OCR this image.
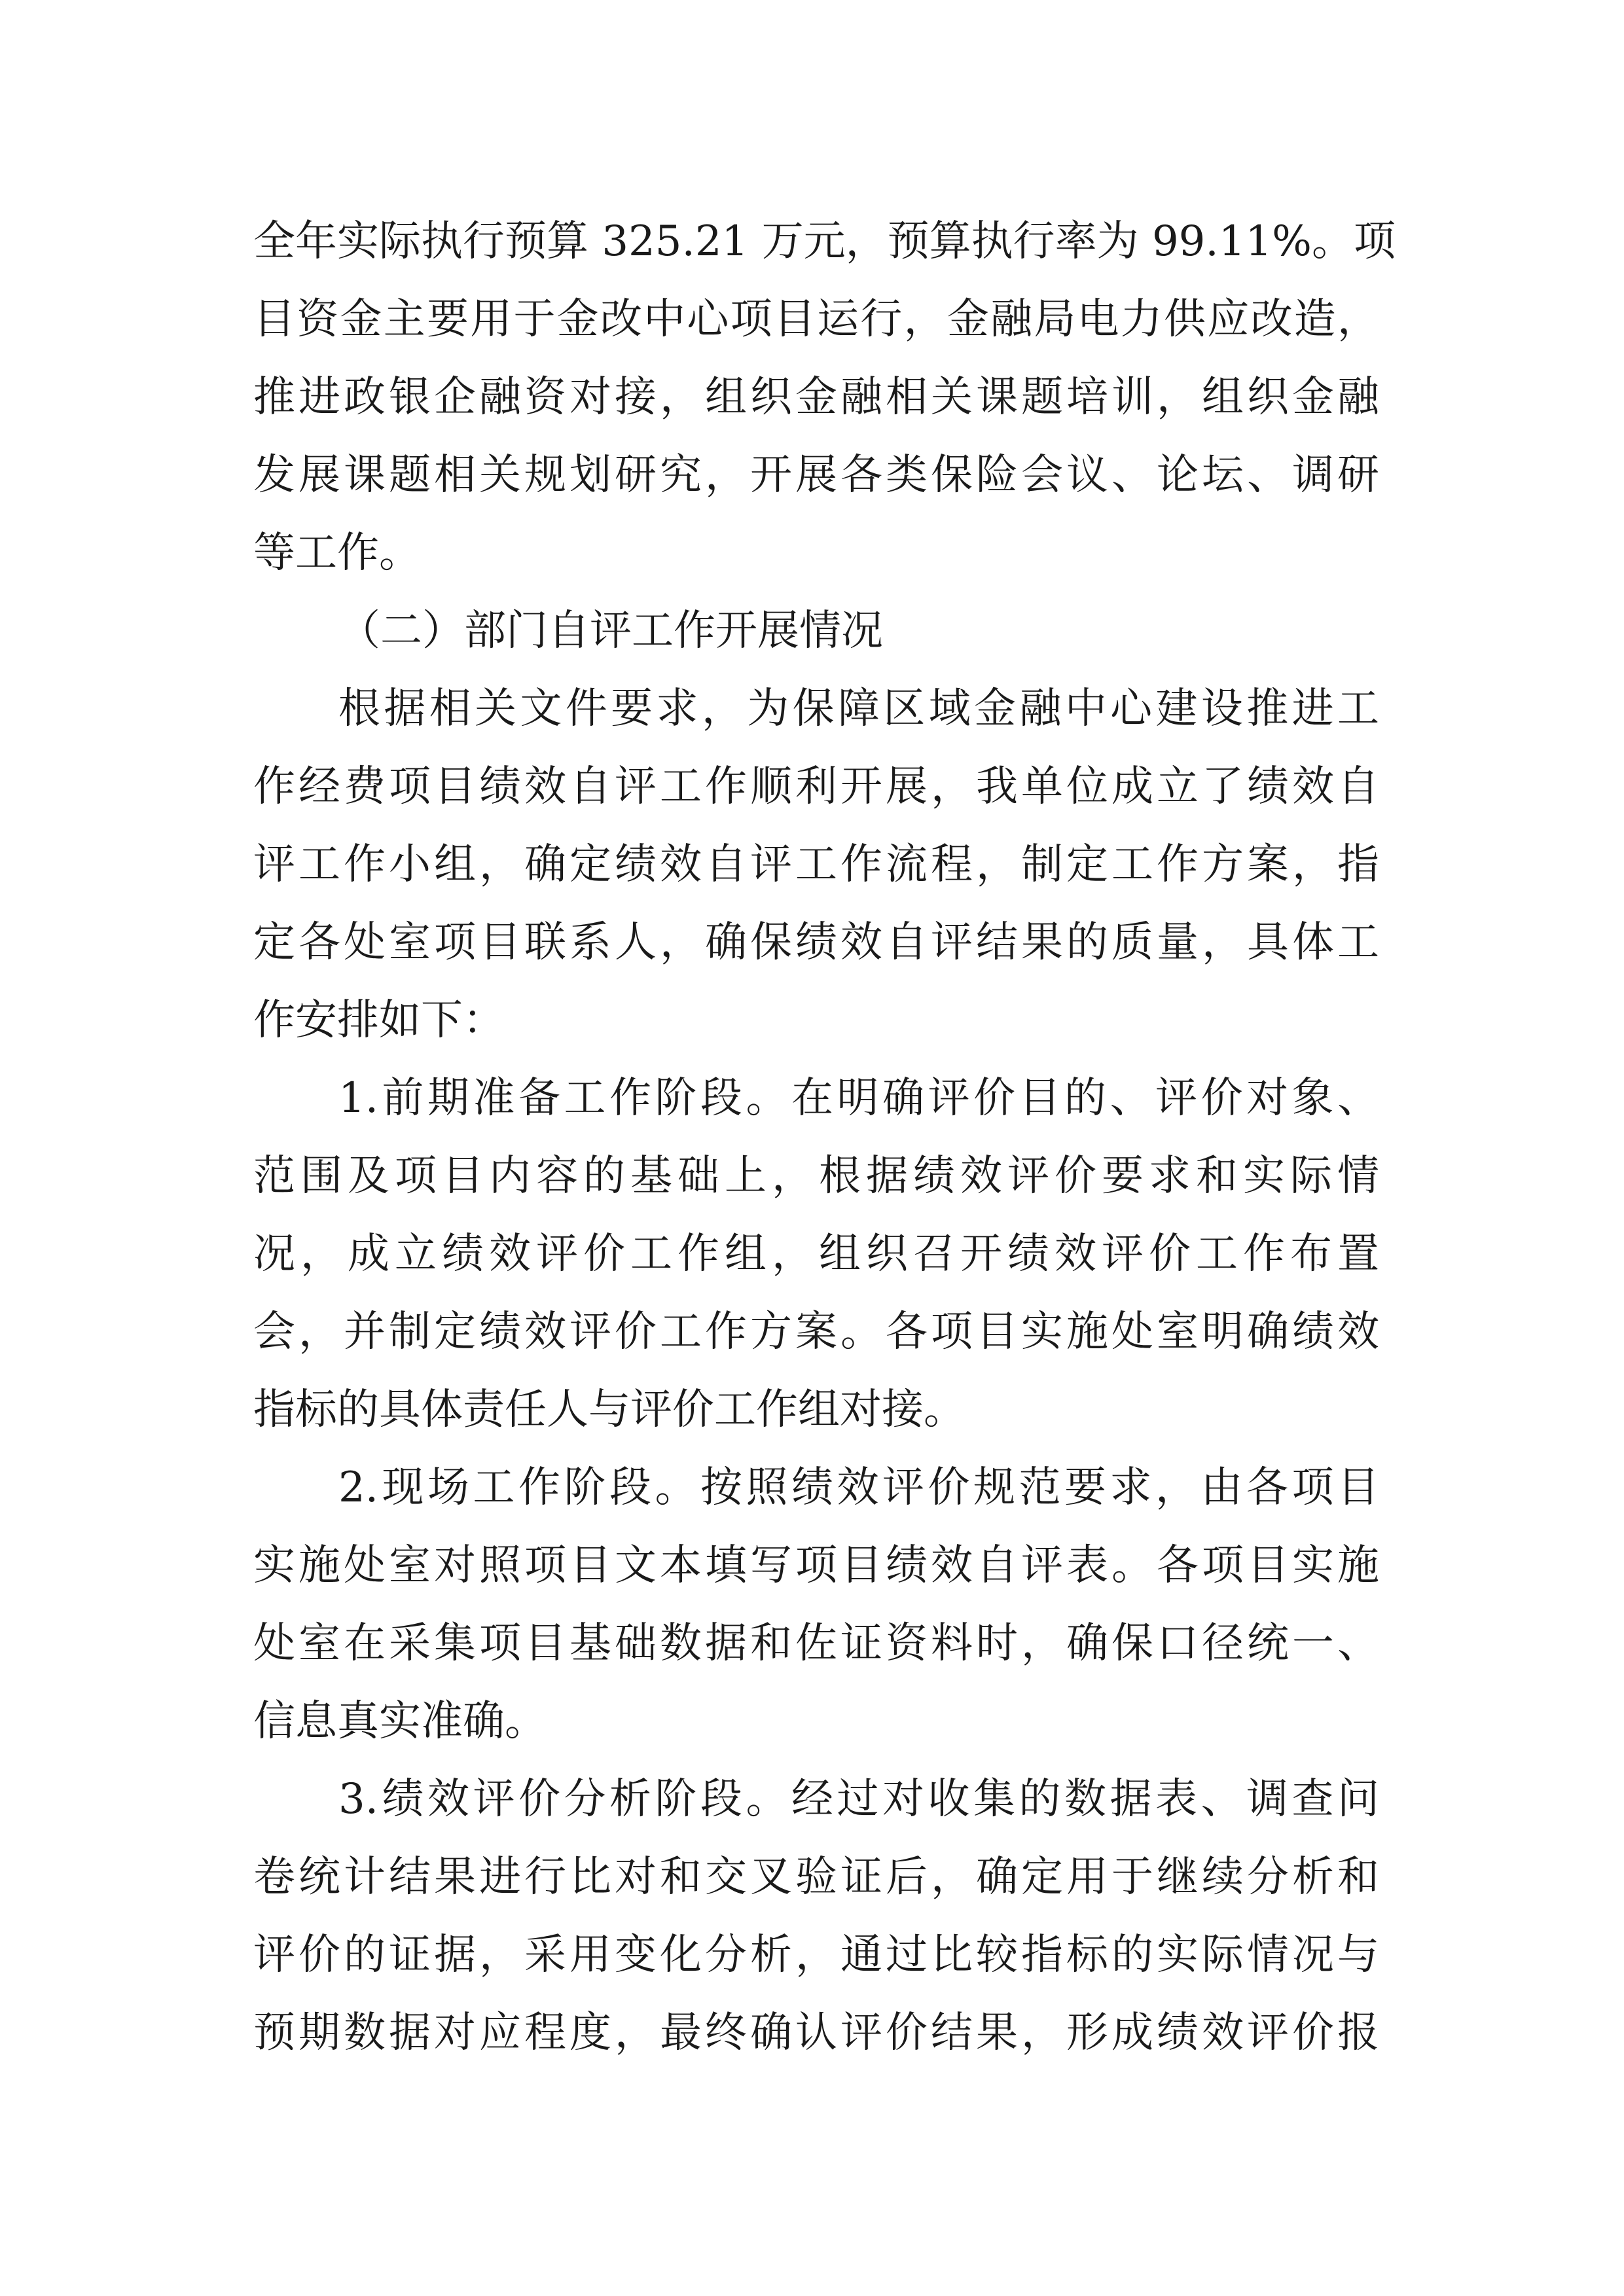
全年实际执行预算 325.21 万元，预算执行率为 99.11%。项
目资金主要用于金改中心项目运行，金融局电力供应改造，
推进政银企融资对接，组织金融相关课题培训，组织金融
发展课题相关规划研究，开展各类保险会议、论坛、调研
等工作。
（二）部门自评工作开展情况
根据相关文件要求，为保障区域金融中心建设推进工
作经费项目绩效自评工作顺利开展，我单位成立了绩效自
评工作小组，确定绩效自评工作流程，制定工作方案，指
定各处室项目联系人，确保绩效自评结果的质量，具体工
作安排如下：
1.前期准备工作阶段。在明确评价目的、评价对象、
范围及项目内容的基础上，根据绩效评价要求和实际情
况，成立绩效评价工作组，组织召开绩效评价工作布置
会，并制定绩效评价工作方案。各项目实施处室明确绩效
指标的具体责任人与评价工作组对接。
2.现场工作阶段。按照绩效评价规范要求，由各项目
实施处室对照项目文本填写项目绩效自评表。各项目实施
处室在采集项目基础数据和佐证资料时，确保口径统一、
信息真实准确。
3.绩效评价分析阶段。经过对收集的数据表、调查问
卷统计结果进行比对和交叉验证后，确定用于继续分析和
评价的证据，采用变化分析，通过比较指标的实际情况与
预期数据对应程度，最终确认评价结果，形成绩效评价报
